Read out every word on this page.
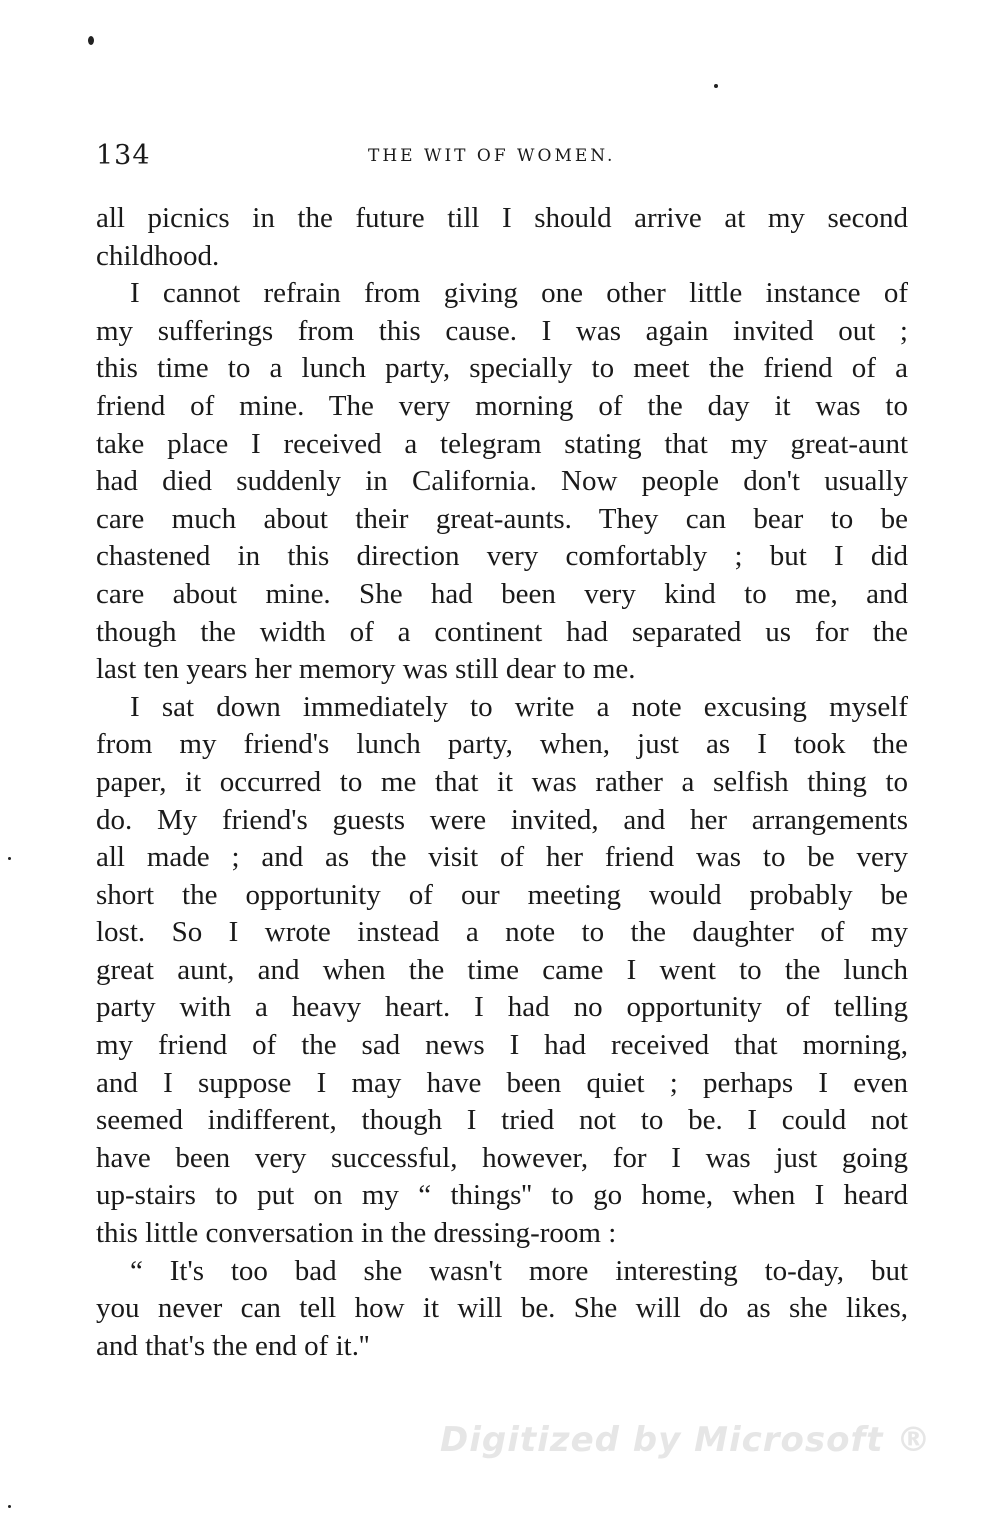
134	THE WIT OF WOMEN.
all picnics in the future till I should arrive at my second
childhood.
I cannot refrain from giving one other little instance of
my sufferings from this cause. I was again invited out ;
this time to a lunch party, specially to meet the friend of a
friend of mine. The very morning of the day it was to
take place I received a telegram stating that my great-aunt
had died suddenly in California. Now people don't usually
care much about their great-aunts. They can bear to be
chastened in this direction very comfortably ; but I did
care about mine. She had been very kind to me, and
though the width of a continent had separated us for the
last ten years her memory was still dear to me.
I sat down immediately to write a note excusing myself
from my friend's lunch party, when, just as I took the
paper, it occurred to me that it was rather a selfish thing to
do. My friend's guests were invited, and her arrangements
all made ; and as the visit of her friend was to be very
short the opportunity of our meeting would probably be
lost. So I wrote instead a note to the daughter of my
great aunt, and when the time came I went to the lunch
party with a heavy heart. I had no opportunity of telling
my friend of the sad news I had received that morning,
and I suppose I may have been quiet ; perhaps I even
seemed indifferent, though I tried not to be. I could not
have been very successful, however, for I was just going
up-stairs to put on my “ things'' to go home, when I heard
this little conversation in the dressing-room :
“ It's too bad she wasn't more interesting to-day, but
you never can tell how it will be. She will do as she likes,
and that's the end of it.''
Digitized by Microsoft ®
